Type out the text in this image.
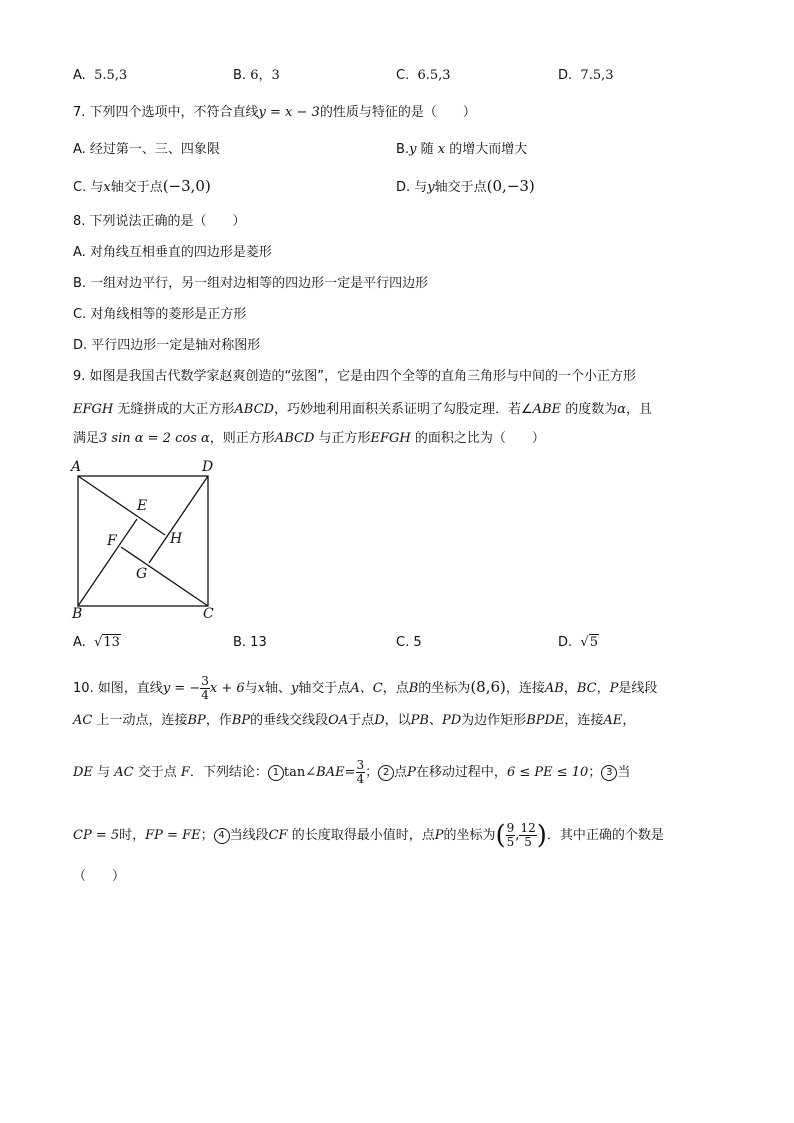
A. 5.5,3	B. 6，3	C. 6.5,3	D. 7.5,3
7. 下列四个选项中，不符合直线y = x − 3的性质与特征的是（　　）
A. 经过第一、三、四象限	B.y 随 x 的增大而增大
C. 与x轴交于点(−3,0)	D. 与y轴交于点(0,−3)
8. 下列说法正确的是（　　）
A. 对角线互相垂直的四边形是菱形
B. 一组对边平行，另一组对边相等的四边形一定是平行四边形
C. 对角线相等的菱形是正方形
D. 平行四边形一定是轴对称图形
9. 如图是我国古代数学家赵爽创造的“弦图”，它是由四个全等的直角三角形与中间的一个小正方形
EFGH 无缝拼成的大正方形ABCD，巧妙地利用面积关系证明了勾股定理．若∠ABE 的度数为α，且
满足3 sin α = 2 cos α，则正方形ABCD 与正方形EFGH 的面积之比为（　　）
A	D
B	C
E
F
G
H
A. √13	B. 13	C. 5	D. √5
10. 如图，直线y = − $\frac{3}{4}$ x + 6与x轴、y轴交于点A、C，点B的坐标为(8,6)，连接AB，BC，P是线段
AC 上一动点，连接BP，作BP的垂线交线段OA于点D，以PB、PD为边作矩形BPDE，连接AE，
DE 与 AC 交于点 F．下列结论： 1 tan∠BAE= $\frac{3}{4}$ ； 2 点P在移动过程中，6 ≤ PE ≤ 10； 3 当
CP = 5时，FP = FE； 4 当线段CF 的长度取得最小值时，点P的坐标为( $\frac{9}{5}$ , $\frac{12}{5}$ )．其中正确的个数是
（　　）
